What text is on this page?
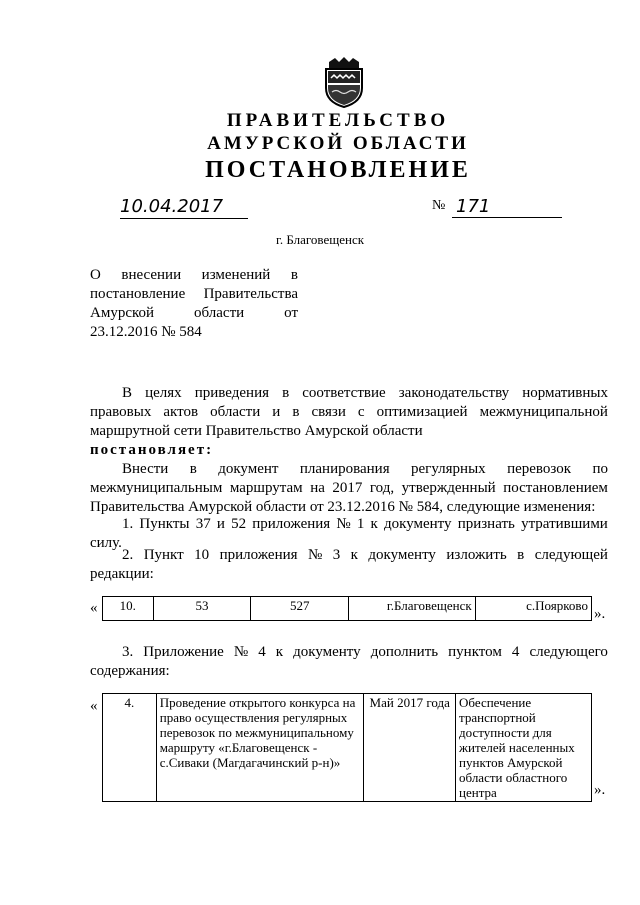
ПРАВИТЕЛЬСТВО
АМУРСКОЙ ОБЛАСТИ
ПОСТАНОВЛЕНИЕ
10.04.2017	№ 171
г. Благовещенск
О внесении изменений в
постановление Правительства
Амурской	области	от
23.12.2016 № 584
В целях приведения в соответствие законодательству нормативных
правовых актов области и в связи с оптимизацией межмуниципальной
маршрутной сети Правительство Амурской области
постановляет:
Внести в документ планирования регулярных перевозок по
межмуниципальным маршрутам на 2017 год, утвержденный постановлением
Правительства Амурской области от 23.12.2016 № 584, следующие изменения:
1. Пункты 37 и 52 приложения № 1 к документу признать утратившими
силу.
2. Пункт 10 приложения № 3 к документу изложить в следующей
редакции:
« 10.	53	527	г.Благовещенск	с.Поярково
».
3. Приложение № 4 к документу дополнить пунктом 4 следующего
содержания:
« 4.	Проведение открытого конкурса на право осуществления регулярных перевозок по межмуниципальному маршруту «г.Благовещенск - с.Сиваки (Магдагачинский р-н)»	Май 2017 года	Обеспечение транспортной доступности для жителей населенных пунктов Амурской области областного центра	».
